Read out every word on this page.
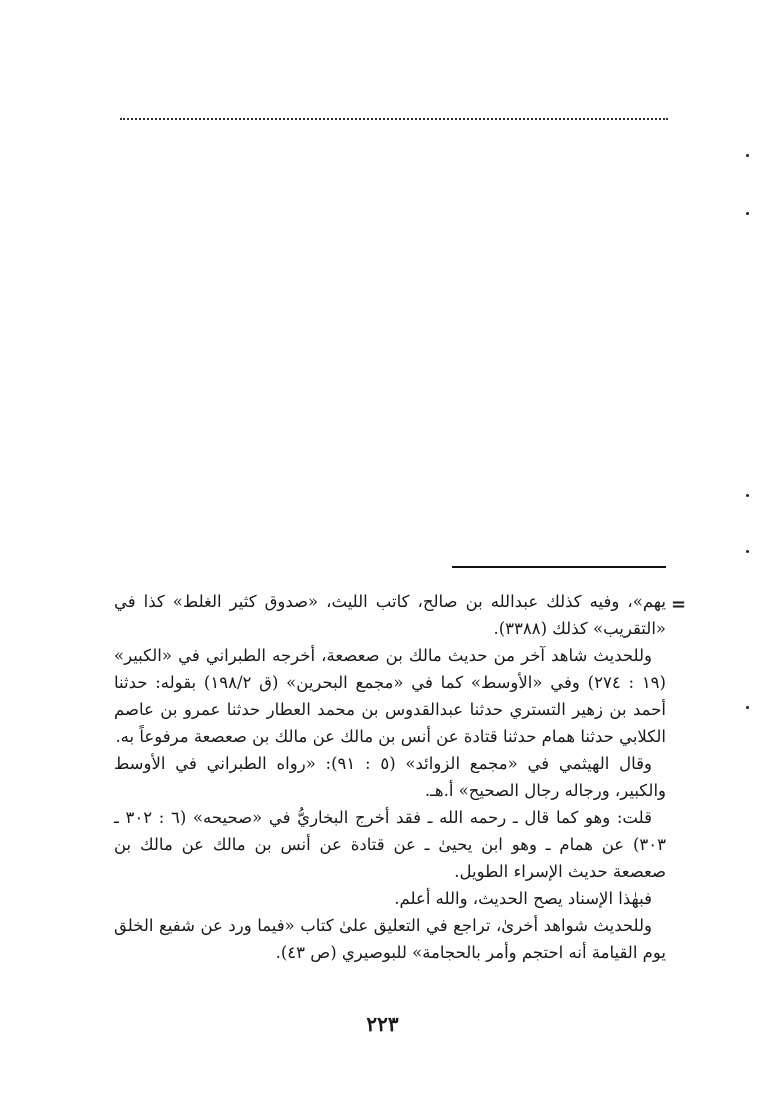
=

يهم»، وفيه كذلك عبدالله بن صالح، كاتب الليث، «صدوق كثير الغلط» كذا في «التقريب» كذلك (٣٣٨٨).

وللحديث شاهد آخر من حديث مالك بن صعصعة، أخرجه الطبراني في «الكبير» (١٩ : ٢٧٤) وفي «الأوسط» كما في «مجمع البحرين» (ق ١٩٨/٢) بقوله: حدثنا أحمد بن زهير التستري حدثنا عبدالقدوس بن محمد العطار حدثنا عمرو بن عاصم الكلابي حدثنا همام حدثنا قتادة عن أنس بن مالك عن مالك بن صعصعة مرفوعاً به.

وقال الهيثمي في «مجمع الزوائد» (٥ : ٩١): «رواه الطبراني في الأوسط والكبير، ورجاله رجال الصحيح» أ.هـ.

قلت: وهو كما قال ـ رحمه الله ـ فقد أخرج البخاريُّ في «صحيحه» (٦ : ٣٠٢ ـ ٣٠٣) عن همام ـ وهو ابن يحيىٰ ـ عن قتادة عن أنس بن مالك عن مالك بن صعصعة حديث الإسراء الطويل.

فبهٰذا الإسناد يصح الحديث، والله أعلم.

وللحديث شواهد أخرىٰ، تراجع في التعليق علىٰ كتاب «فيما ورد عن شفيع الخلق يوم القيامة أنه احتجم وأمر بالحجامة» للبوصيري (ص ٤٣).

٢٢٣
